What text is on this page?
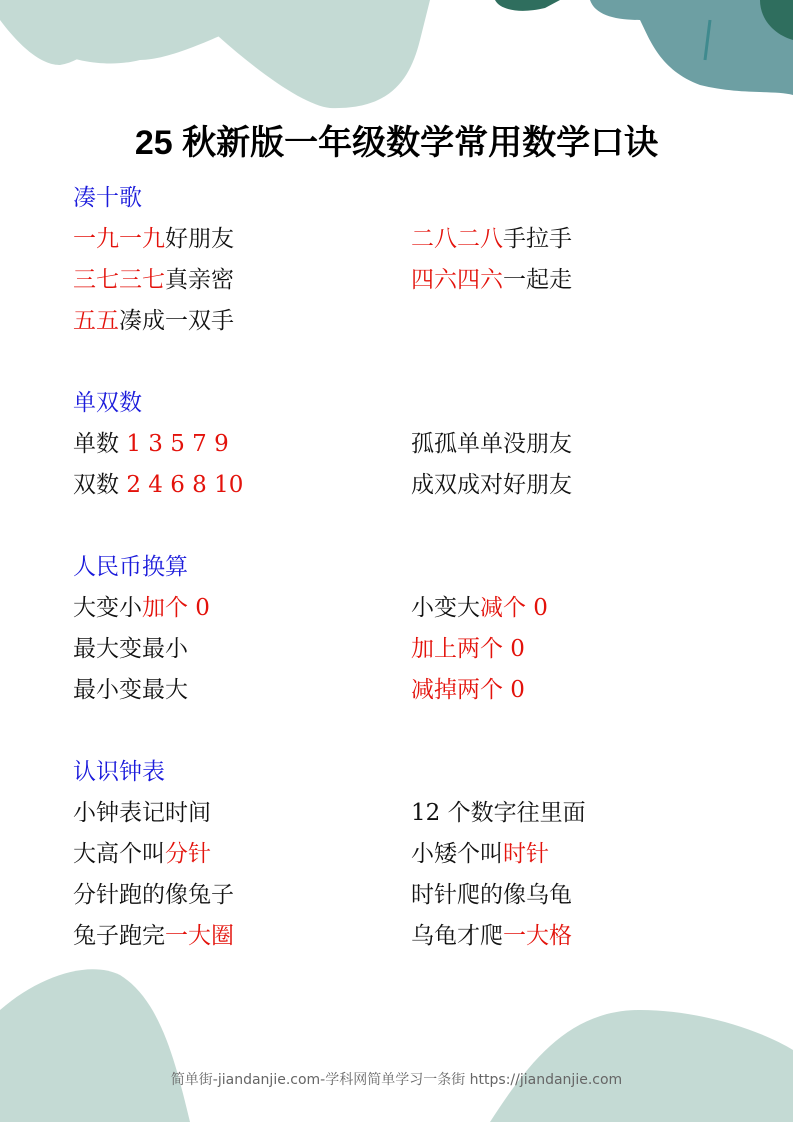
25 秋新版一年级数学常用数学口诀
凑十歌
一九一九好朋友	二八二八手拉手
三七三七真亲密	四六四六一起走
五五凑成一双手
单双数
单数 1 3 5 7 9	孤孤单单没朋友
双数 2 4 6 8 10	成双成对好朋友
人民币换算
大变小加个 0	小变大减个 0
最大变最小	加上两个 0
最小变最大	减掉两个 0
认识钟表
小钟表记时间	12 个数字往里面
大高个叫分针	小矮个叫时针
分针跑的像兔子	时针爬的像乌龟
兔子跑完一大圈	乌龟才爬一大格
简单街-jiandanjie.com-学科网简单学习一条街 https://jiandanjie.com
